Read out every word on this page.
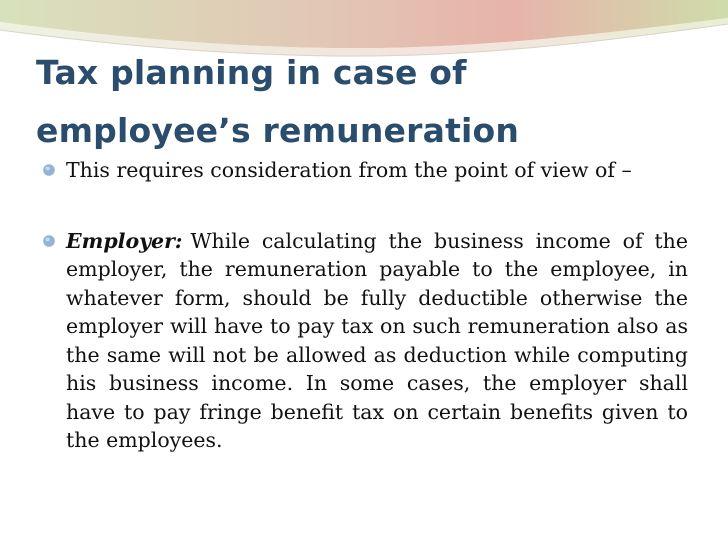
Tax planning in case of
employee’s remuneration
This requires consideration from the point of view of –
Employer: While calculating the business income of the employer, the remuneration payable to the employee, in whatever form, should be fully deductible otherwise the employer will have to pay tax on such remuneration also as the same will not be allowed as deduction while computing his business income. In some cases, the employer shall have to pay fringe benefit tax on certain benefits given to the employees.
